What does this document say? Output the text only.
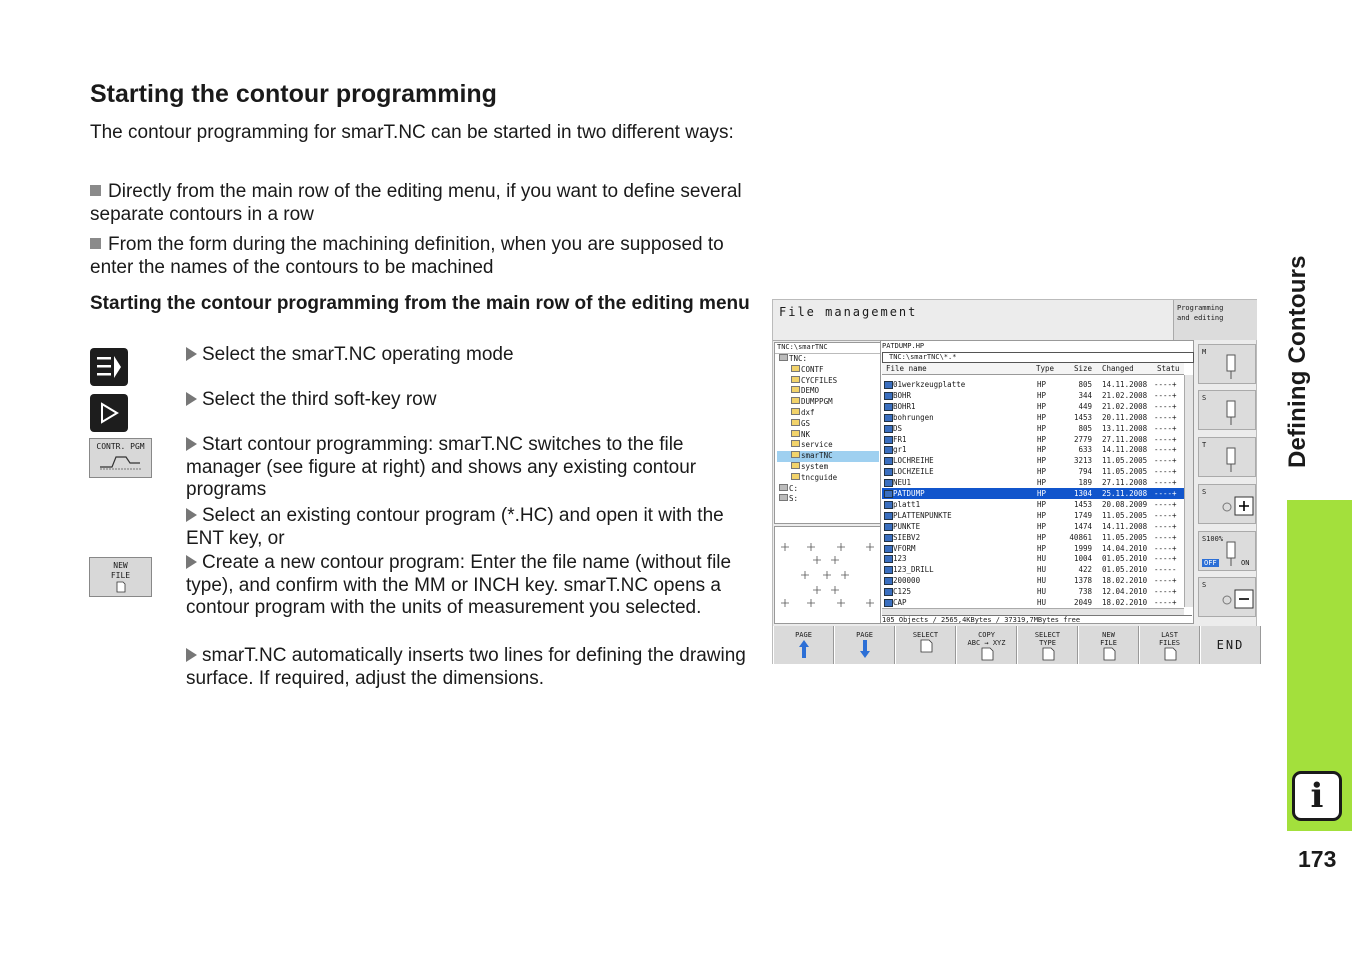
Starting the contour programming
The contour programming for smarT.NC can be started in two different ways:
Directly from the main row of the editing menu, if you want to define several separate contours in a row
From the form during the machining definition, when you are supposed to enter the names of the contours to be machined
Starting the contour programming from the main row of the editing menu
CONTR. PGM
NEW
FILE
Select the smarT.NC operating mode
Select the third soft-key row
Start contour programming: smarT.NC switches to the file manager (see figure at right) and shows any existing contour programs
Select an existing contour program (*.HC) and open it with the ENT key, or
Create a new contour program: Enter the file name (without file type), and confirm with the MM or INCH key. smarT.NC opens a contour program with the units of measurement you selected.
smarT.NC automatically inserts two lines for defining the drawing surface. If required, adjust the dimensions.
Defining Contours
i
173
File management	Programming
and editing
TNC:\smarTNC
TNC:
CONTF
CYCFILES
DEMO
DUMPPGM
dxf
GS
NK
service
smarTNC
system
tncguide
C:
S:
PATDUMP.HP
TNC:\smarTNC\*.*
File name	Type	Size Changed	Statu
01werkzeugplatte	HP	805 14.11.2008 ----+
BOHR	HP	344 21.02.2008 ----+
BOHR1	HP	449 21.02.2008 ----+
bohrungen	HP	1453 20.11.2008 ----+
DS	HP	805 13.11.2008 ----+
FR1	HP	2779 27.11.2008 ----+
gr1	HP	633 14.11.2008 ----+
LOCHREIHE	HP	3213 11.05.2005 ----+
LOCHZEILE	HP	794 11.05.2005 ----+
NEU1	HP	189 27.11.2008 ----+
PATDUMP	HP	1304 25.11.2008 ----+
platt1	HP	1453 20.08.2009 ----+
PLATTENPUNKTE	HP	1749 11.05.2005 ----+
PUNKTE	HP	1474 14.11.2008 ----+
SIEBV2	HP	40861 11.05.2005 ----+
VFORM	HP	1999 14.04.2010 ----+
123	HU	1004 01.05.2010 ----+
123_DRILL	HU	422 01.05.2010 -----
200000	HU	1378 18.02.2010 ----+
C125	HU	738 12.04.2010 ----+
CAP	HU	2049 18.02.2010 ----+
105 Objects / 2565,4KBytes / 37319,7MBytes free
M
S
T
S
S100%
OFF	ON
S
PAGE	PAGE	SELECT	COPY
ABC → XYZ
SELECT
TYPE
NEW
FILE
LAST
FILES	END
